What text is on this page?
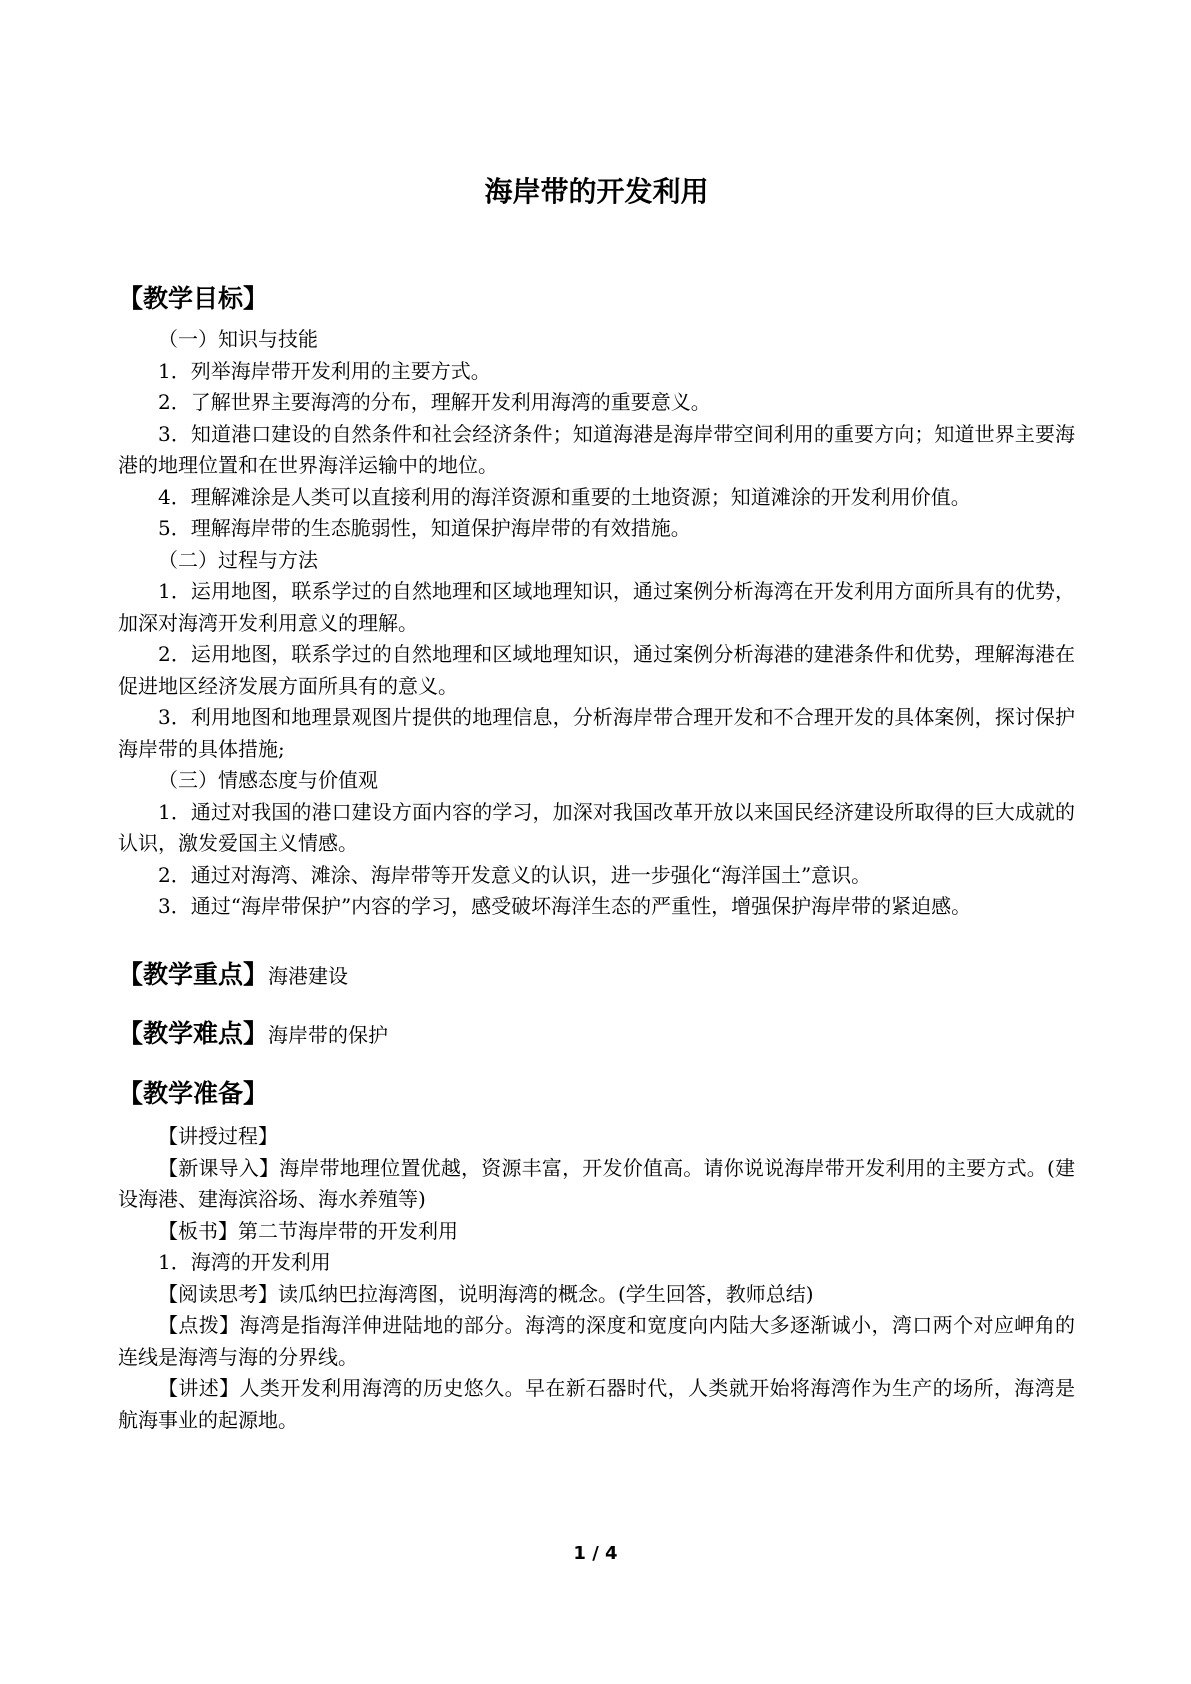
海岸带的开发利用
【教学目标】

（一）知识与技能

1．列举海岸带开发利用的主要方式。

2．了解世界主要海湾的分布，理解开发利用海湾的重要意义。

3．知道港口建设的自然条件和社会经济条件；知道海港是海岸带空间利用的重要方向；知道世界主要海港的地理位置和在世界海洋运输中的地位。

4．理解滩涂是人类可以直接利用的海洋资源和重要的土地资源；知道滩涂的开发利用价值。

5．理解海岸带的生态脆弱性，知道保护海岸带的有效措施。

（二）过程与方法

1．运用地图，联系学过的自然地理和区域地理知识，通过案例分析海湾在开发利用方面所具有的优势，加深对海湾开发利用意义的理解。

2．运用地图，联系学过的自然地理和区域地理知识，通过案例分析海港的建港条件和优势，理解海港在促进地区经济发展方面所具有的意义。

3．利用地图和地理景观图片提供的地理信息，分析海岸带合理开发和不合理开发的具体案例，探讨保护海岸带的具体措施;

（三）情感态度与价值观

1．通过对我国的港口建设方面内容的学习，加深对我国改革开放以来国民经济建设所取得的巨大成就的认识，激发爱国主义情感。

2．通过对海湾、滩涂、海岸带等开发意义的认识，进一步强化“海洋国土”意识。

3．通过“海岸带保护”内容的学习，感受破坏海洋生态的严重性，增强保护海岸带的紧迫感。

【教学重点】海港建设
【教学难点】海岸带的保护
【教学准备】

【讲授过程】

【新课导入】海岸带地理位置优越，资源丰富，开发价值高。请你说说海岸带开发利用的主要方式。(建设海港、建海滨浴场、海水养殖等)

【板书】第二节海岸带的开发利用

1．海湾的开发利用

【阅读思考】读瓜纳巴拉海湾图，说明海湾的概念。(学生回答，教师总结)

【点拨】海湾是指海洋伸进陆地的部分。海湾的深度和宽度向内陆大多逐渐诚小，湾口两个对应岬角的连线是海湾与海的分界线。

【讲述】人类开发利用海湾的历史悠久。早在新石器时代，人类就开始将海湾作为生产的场所，海湾是航海事业的起源地。

1 / 4
